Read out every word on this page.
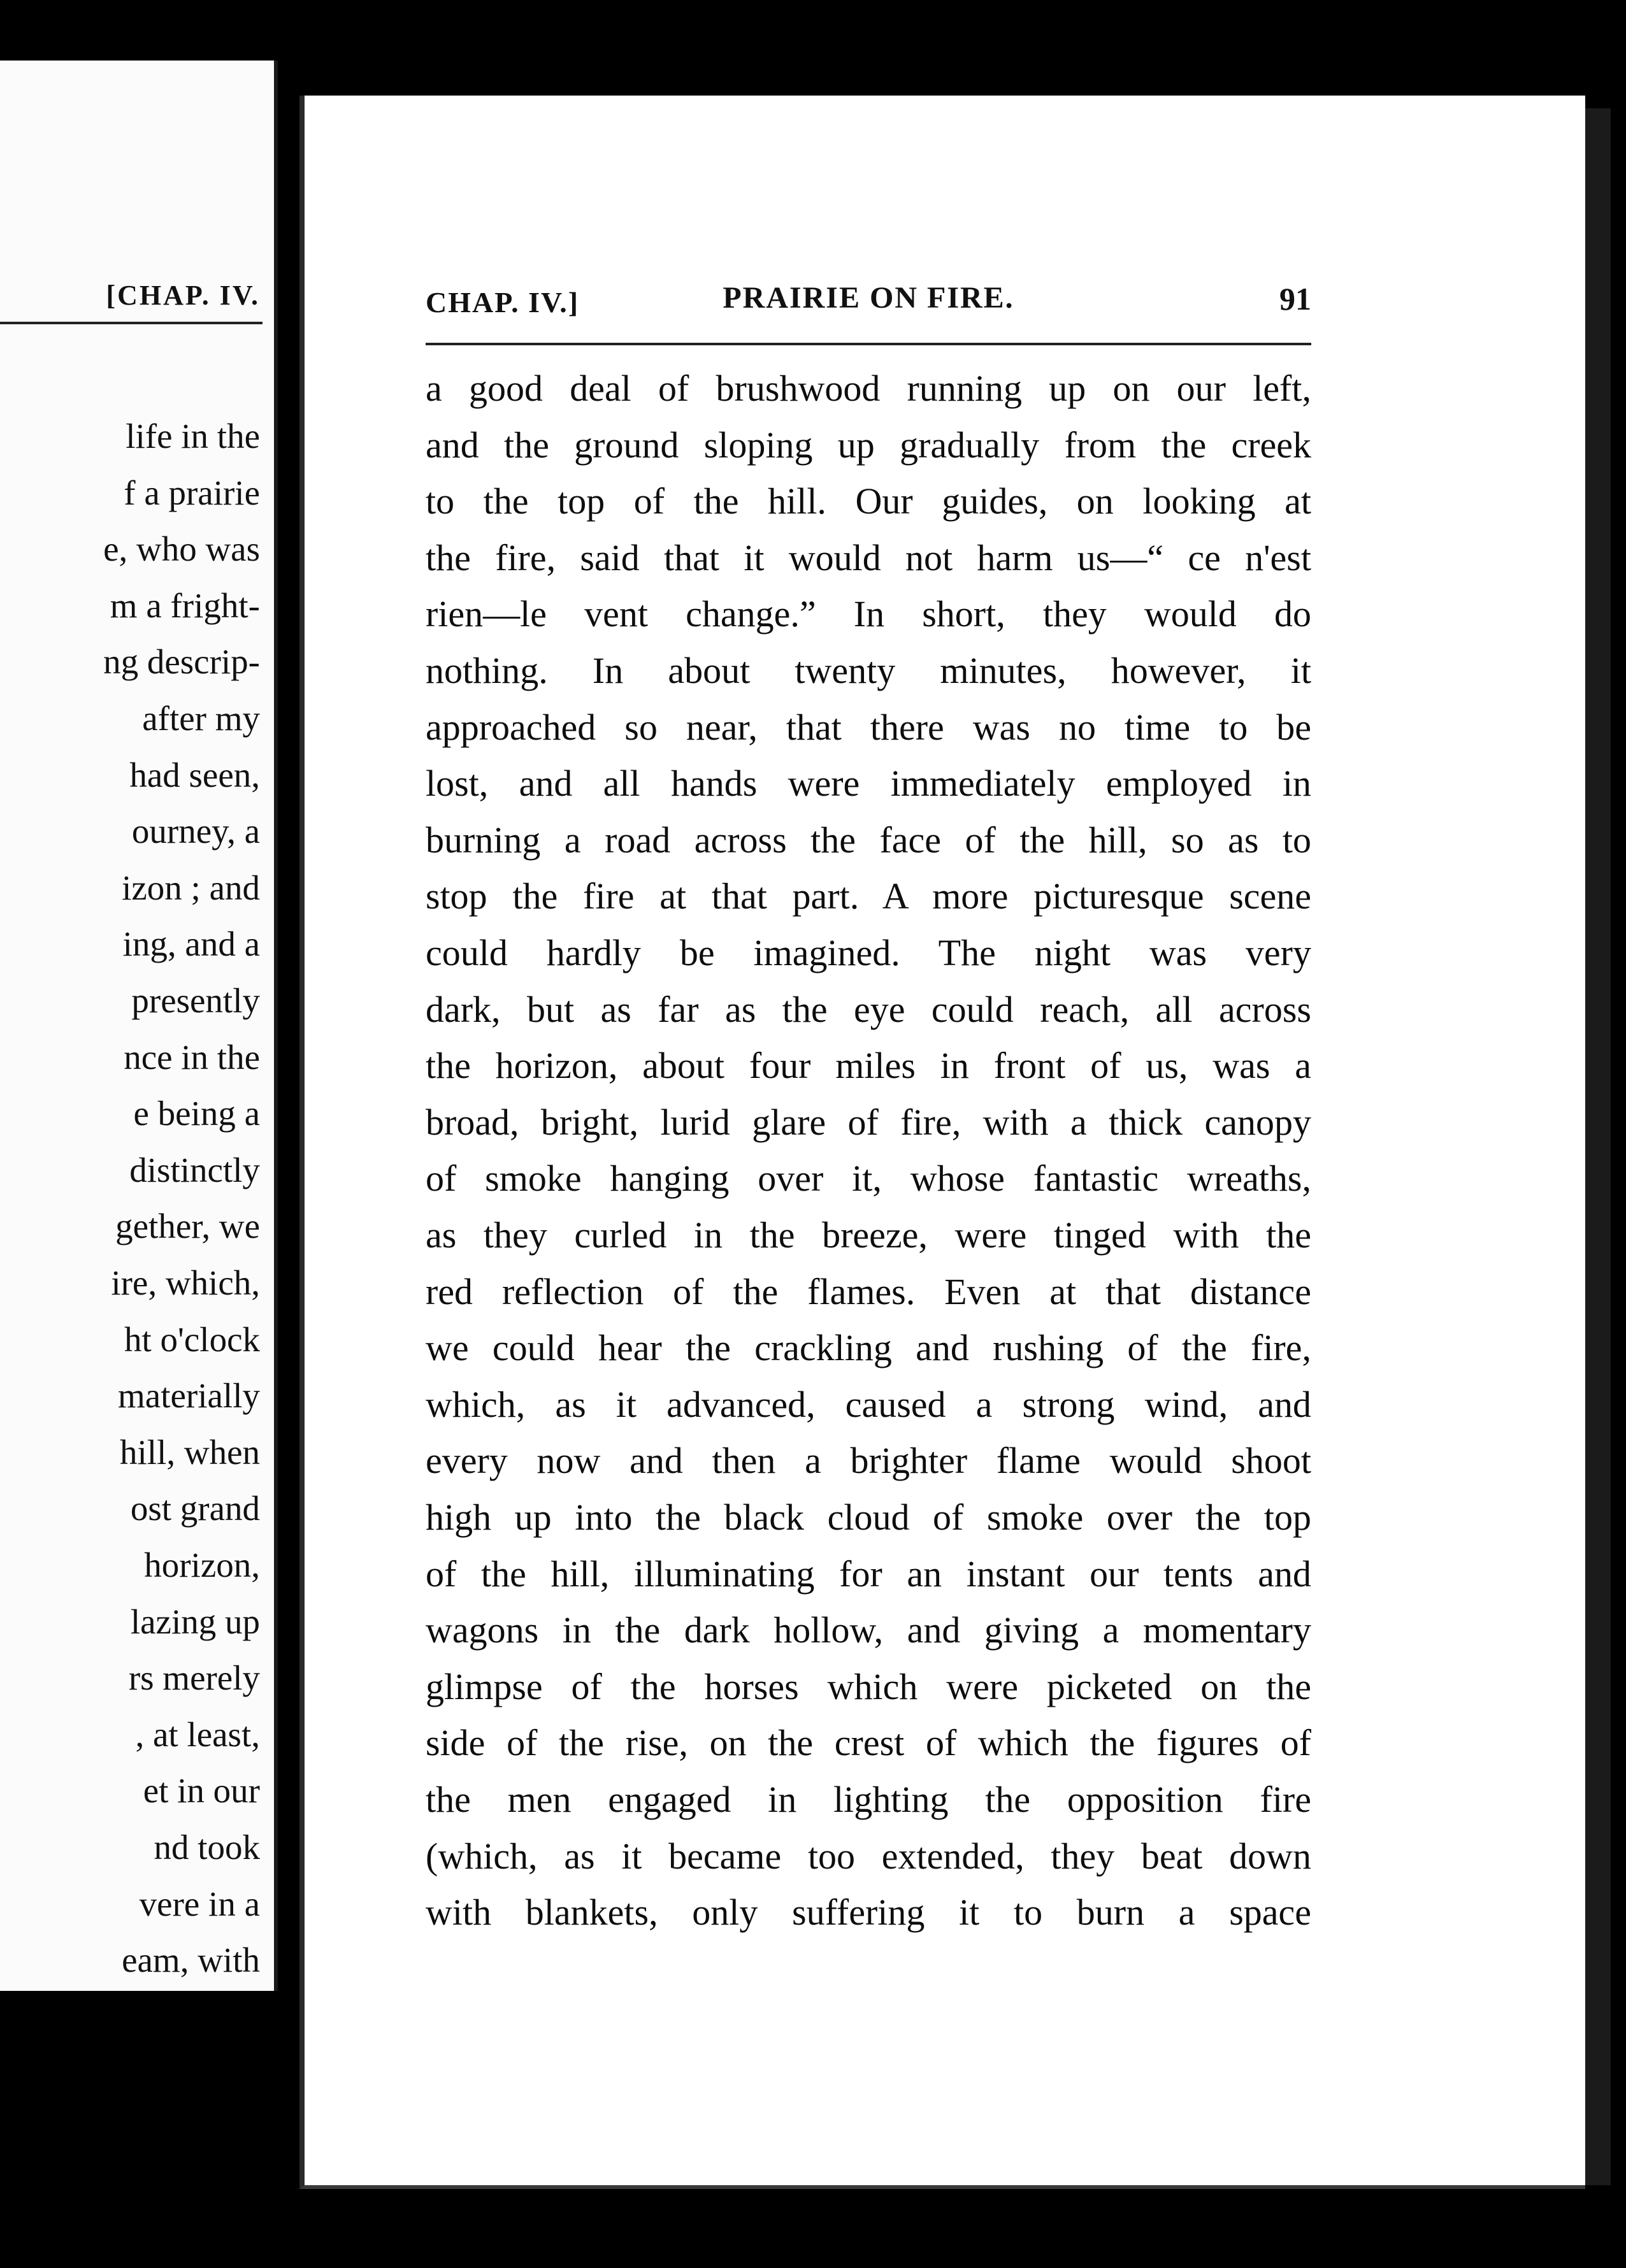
[CHAP. IV.
life in the
f a prairie
e, who was
m a fright-
ng descrip-
after my
had seen,
ourney, a
izon ; and
ing, and a
presently
nce in the
e being a
distinctly
gether, we
ire, which,
ht o'clock
materially
hill, when
ost grand
horizon,
lazing up
rs merely
, at least,
et in our
nd took
vere in a
eam, with
CHAP. IV.]	PRAIRIE ON FIRE.	91
a good deal of brushwood running up on our left,
and the ground sloping up gradually from the creek
to the top of the hill. Our guides, on looking at
the fire, said that it would not harm us—“ ce n'est
rien—le vent change.” In short, they would do
nothing. In about twenty minutes, however, it
approached so near, that there was no time to be
lost, and all hands were immediately employed in
burning a road across the face of the hill, so as to
stop the fire at that part. A more picturesque scene
could hardly be imagined. The night was very
dark, but as far as the eye could reach, all across
the horizon, about four miles in front of us, was a
broad, bright, lurid glare of fire, with a thick canopy
of smoke hanging over it, whose fantastic wreaths,
as they curled in the breeze, were tinged with the
red reflection of the flames. Even at that distance
we could hear the crackling and rushing of the fire,
which, as it advanced, caused a strong wind, and
every now and then a brighter flame would shoot
high up into the black cloud of smoke over the top
of the hill, illuminating for an instant our tents and
wagons in the dark hollow, and giving a momentary
glimpse of the horses which were picketed on the
side of the rise, on the crest of which the figures of
the men engaged in lighting the opposition fire
(which, as it became too extended, they beat down
with blankets, only suffering it to burn a space
